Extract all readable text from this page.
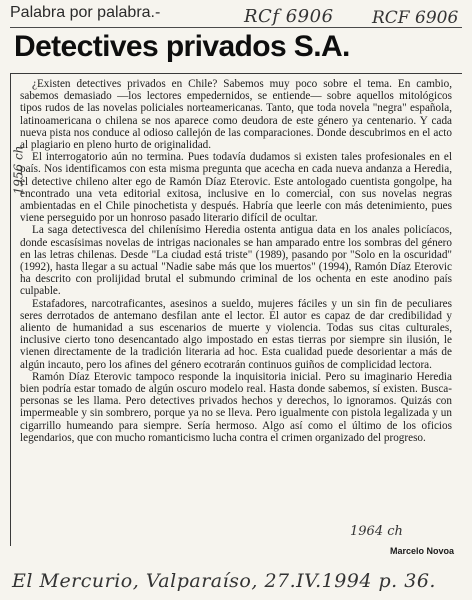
Palabra por palabra.-	RCf 6906 RCF 6906
Detectives privados S.A.
1956 ch

¿Existen detectives privados en Chile? Sabemos muy poco sobre el tema. En cambio, sabemos demasiado —los lectores empedernidos, se entiende— sobre aquellos mitológicos tipos rudos de las novelas policiales norteamericanas. Tanto, que toda novela "negra" española, latinoamericana o chilena se nos aparece como deudora de este género ya centenario. Y cada nueva pista nos conduce al odioso callejón de las comparaciones. Donde descubrimos en el acto al plagiario en pleno hurto de originalidad.

El interrogatorio aún no termina. Pues todavía dudamos si existen tales profesionales en el país. Nos identificamos con esta misma pregunta que acecha en cada nueva andanza a Heredia, el detective chileno alter ego de Ramón Díaz Eterovic. Este antologado cuentista gongolpe, ha encontrado una veta editorial exitosa, inclusive en lo comercial, con sus novelas negras ambientadas en el Chile pinochetista y después. Habría que leerle con más detenimiento, pues viene perseguido por un honroso pasado literario difícil de ocultar.

La saga detectivesca del chilenísimo Heredia ostenta antigua data en los anales policíacos, donde escasísimas novelas de intrigas nacionales se han amparado entre los sombras del género en las letras chilenas. Desde "La ciudad está triste" (1989), pasando por "Solo en la oscuridad" (1992), hasta llegar a su actual "Nadie sabe más que los muertos" (1994), Ramón Díaz Eterovic ha descrito con prolijidad brutal el submundo criminal de los ochenta en este anodino país culpable.

Estafadores, narcotraficantes, asesinos a sueldo, mujeres fáciles y un sin fin de peculiares seres derrotados de antemano desfilan ante el lector. El autor es capaz de dar credibilidad y aliento de humanidad a sus escenarios de muerte y violencia. Todas sus citas culturales, inclusive cierto tono desencantado algo impostado en estas tierras por siempre sin ilusión, le vienen directamente de la tradición literaria ad hoc. Esta cualidad puede desorientar a más de algún incauto, pero los afines del género ecotrarán continuos guiños de complicidad lectora.

Ramón Díaz Eterovic tampoco responde la inquisitoria inicial. Pero su imaginario Heredia bien podría estar tomado de algún oscuro modelo real. Hasta donde sabemos, sí existen. Busca-personas se les llama. Pero detectives privados hechos y derechos, lo ignoramos. Quizás con impermeable y sin sombrero, porque ya no se lleva. Pero igualmente con pistola legalizada y un cigarrillo humeando para siempre. Sería hermoso. Algo así como el último de los oficios legendarios, que con mucho romanticismo lucha contra el crimen organizado del progreso.

1964 ch
Marcelo Novoa
El Mercurio, Valparaíso, 27.IV.1994 p. 36.
